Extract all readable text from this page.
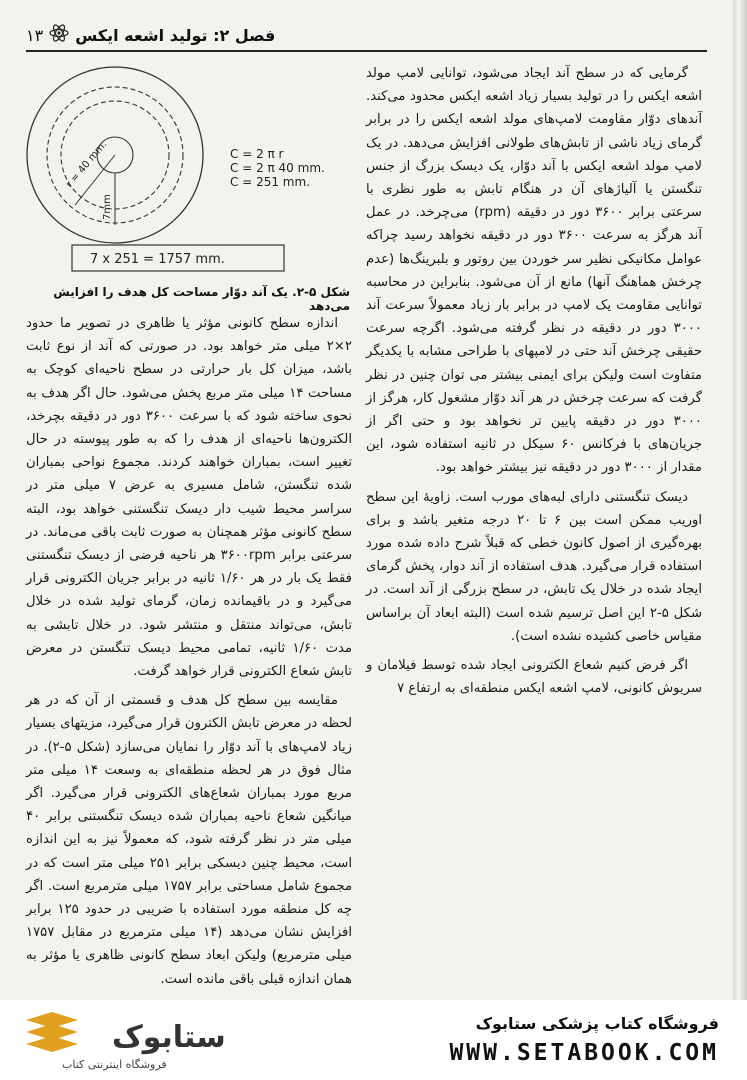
فصل ۲: تولید اشعه ایکس
۱۳
r = 40 mm.
7mm
C = 2 π r
C = 2 π 40 mm.
C = 251 mm.
7 x 251 = 1757 mm.
شکل ۵-۲. یک آند دوّار مساحت کل هدف را افزایش می‌دهد

اندازه سطح کانونی مؤثر یا ظاهری در تصویر ما حدود ۲×۲ میلی متر خواهد بود. در صورتی که آند از نوع ثابت باشد، میزان کل بار حرارتی در سطح ناحیه‌ای کوچک به مساحت ۱۴ میلی متر مربع پخش می‌شود. حال اگر هدف به نحوی ساخته شود که با سرعت ۳۶۰۰ دور در دقیقه بچرخد، الکترون‌ها ناحیه‌ای از هدف را که به طور پیوسته در حال تغییر است، بمباران خواهند کردند. مجموع نواحی بمباران شده تنگستن، شامل مسیری به عرض ۷ میلی متر در سراسر محیط شیب دار دیسک تنگستنی خواهد بود، البته سطح کانونی مؤثر همچنان به صورت ثابت باقی می‌ماند. در سرعتی برابر ۳۶۰۰rpm هر ناحیه فرضی از دیسک تنگستنی فقط یک بار در هر ۱/۶۰ ثانیه در برابر جریان الکترونی قرار می‌گیرد و در باقیمانده زمان، گرمای تولید شده در خلال تابش، می‌تواند منتقل و منتشر شود. در خلال تابشی به مدت ۱/۶۰ ثانیه، تمامی محیط دیسک تنگستن در معرض تابش شعاع الکترونی قرار خواهد گرفت.

مقایسه بین سطح کل هدف و قسمتی از آن که در هر لحظه در معرض تابش الکترون قرار می‌گیرد، مزیتهای بسیار زیاد لامپ‌های با آند دوّار را نمایان می‌سازد (شکل ۵-۲). در مثال فوق در هر لحظه منطقه‌ای به وسعت ۱۴ میلی متر مربع مورد بمباران شعاع‌های الکترونی قرار می‌گیرد. اگر میانگین شعاع ناحیه بمباران شده دیسک تنگستنی برابر ۴۰ میلی متر در نظر گرفته شود، که معمولاً نیز به این اندازه است، محیط چنین دیسکی برابر ۲۵۱ میلی متر است که در مجموع شامل مساحتی برابر ۱۷۵۷ میلی مترمربع است. اگر چه کل منطقه مورد استفاده با ضریبی در حدود ۱۲۵ برابر افزایش نشان می‌دهد (۱۴ میلی مترمربع در مقابل ۱۷۵۷ میلی مترمربع) ولیکن ابعاد سطح کانونی ظاهری یا مؤثر به همان اندازه قبلی باقی مانده است.

گرمایی که در سطح آند ایجاد می‌شود، توانایی لامپ مولد اشعه ایکس را در تولید بسیار زیاد اشعه ایکس محدود می‌کند. آندهای دوّار مقاومت لامپ‌های مولد اشعه ایکس را در برابر گرمای زیاد ناشی از تابش‌های طولانی افزایش می‌دهد. در یک لامپ مولد اشعه ایکس با آند دوّار، یک دیسک بزرگ از جنس تنگستن یا آلیاژهای آن در هنگام تابش به طور نظری با سرعتی برابر ۳۶۰۰ دور در دقیقه (rpm) می‌چرخد. در عمل آند هرگز به سرعت ۳۶۰۰ دور در دقیقه نخواهد رسید چراکه عوامل مکانیکی نظیر سر خوردن بین روتور و بلبرینگ‌ها (عدم چرخش هماهنگ آنها) مانع از آن می‌شود. بنابراین در محاسبه توانایی مقاومت یک لامپ در برابر بار زیاد معمولاً سرعت آند ۳۰۰۰ دور در دقیقه در نظر گرفته می‌شود. اگرچه سرعت حقیقی چرخش آند حتی در لامپهای با طراحی مشابه با یکدیگر متفاوت است ولیکن برای ایمنی بیشتر می توان چنین در نظر گرفت که سرعت چرخش در هر آند دوّار مشغول کار، هرگز از ۳۰۰۰ دور در دقیقه پایین تر نخواهد بود و حتی اگر از جریان‌های با فرکانس ۶۰ سیکل در ثانیه استفاده شود، این مقدار از ۳۰۰۰ دور در دقیقه نیز بیشتر خواهد بود.

دیسک تنگستنی دارای لبه‌های مورب است. زاویهٔ این سطح اوریب ممکن است بین ۶ تا ۲۰ درجه متغیر باشد و برای بهره‌گیری از اصول کانون خطی که قبلاً شرح داده شده مورد استفاده قرار می‌گیرد. هدف استفاده از آند دوار، پخش گرمای ایجاد شده در خلال یک تابش، در سطح بزرگی از آند است. در شکل ۵-۲ این اصل ترسیم شده است (البته ابعاد آن براساس مقیاس خاصی کشیده نشده است).

اگر فرض کنیم شعاع الکترونی ایجاد شده توسط فیلامان و سریوش کانونی، لامپ اشعه ایکس منطقه‌ای به ارتفاع ۷

ستابوک
فروشگاه اینترنتی کتاب
فروشگاه کتاب پزشکی ستابوک
WWW.SETABOOK.COM
